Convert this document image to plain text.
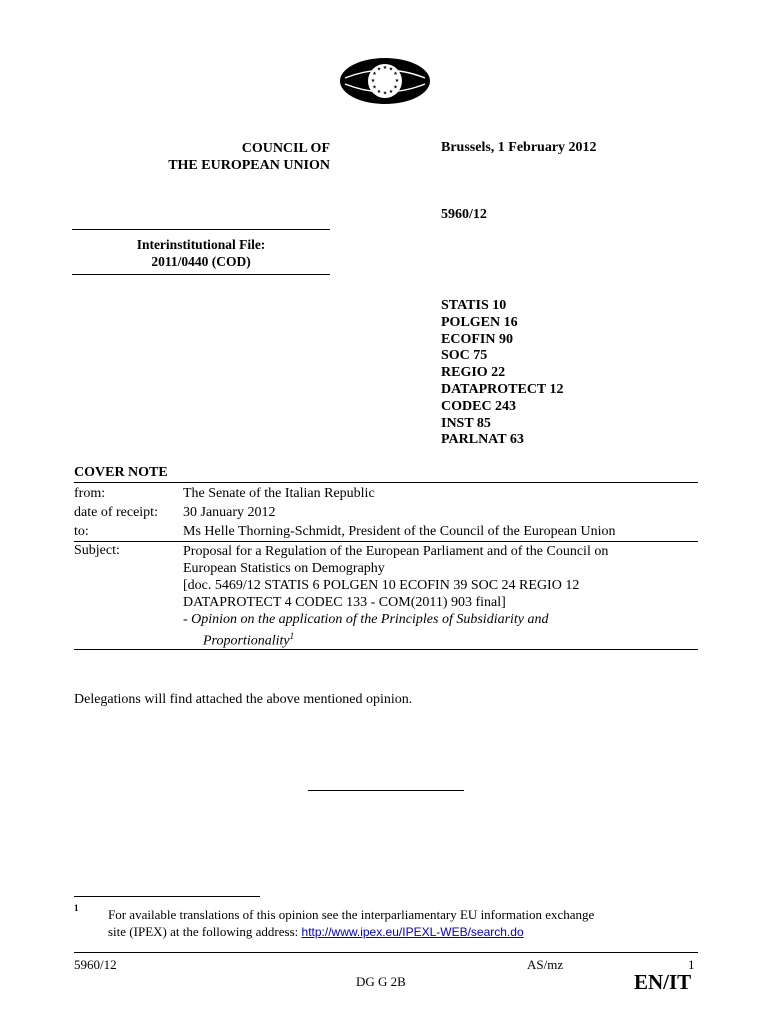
★ ★
★
★
★
★
★
★
★
★
★
★
COUNCIL OF
THE EUROPEAN UNION
Brussels, 1 February 2012
5960/12
Interinstitutional File:
2011/0440 (COD)
STATIS 10
POLGEN 16
ECOFIN 90
SOC 75
REGIO 22
DATAPROTECT 12
CODEC 243
INST 85
PARLNAT 63
COVER NOTE
from:	The Senate of the Italian Republic
date of receipt: 30 January 2012
to:	Ms Helle Thorning-Schmidt, President of the Council of the European Union
Subject:	Proposal for a Regulation of the European Parliament and of the Council on
European Statistics on Demography
[doc. 5469/12 STATIS 6 POLGEN 10 ECOFIN 39 SOC 24 REGIO 12
DATAPROTECT 4 CODEC 133 - COM(2011) 903 final]
- Opinion on the application of the Principles of Subsidiarity and
Proportionality$^1$
Delegations will find attached the above mentioned opinion.
1 For available translations of this opinion see the interparliamentary EU information exchange
site (IPEX) at the following address: http://www.ipex.eu/IPEXL-WEB/search.do
5960/12
DG G 2B
AS/mz	1
EN/IT
